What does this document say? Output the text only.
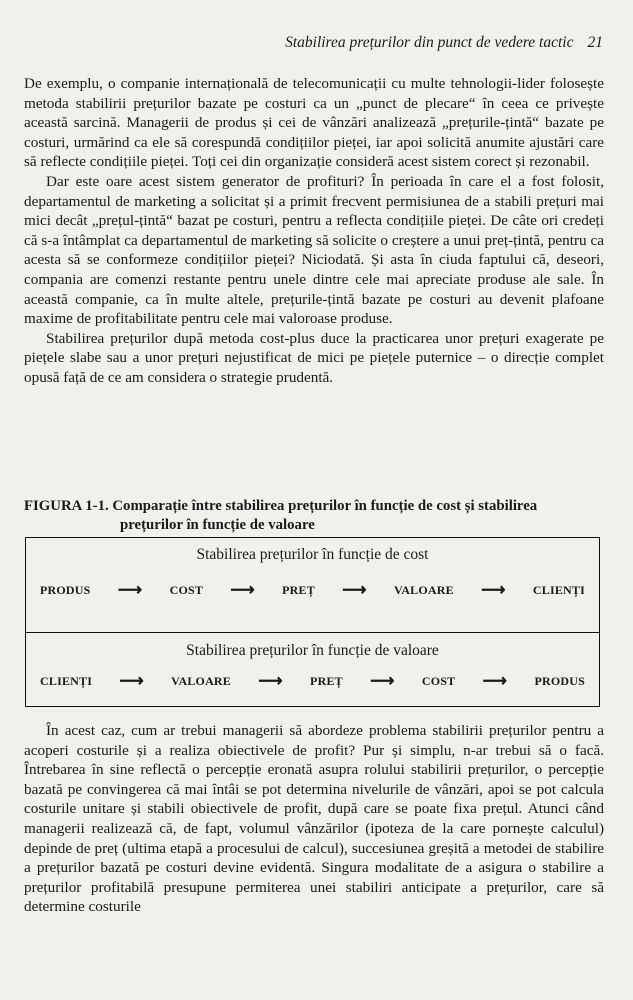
Stabilirea prețurilor din punct de vedere tactic 21

De exemplu, o companie internațională de telecomunicații cu multe tehnologii-lider folosește metoda stabilirii prețurilor bazate pe costuri ca un „punct de plecare“ în ceea ce privește această sarcină. Managerii de produs și cei de vânzări analizează „prețurile-țintă“ bazate pe costuri, urmărind ca ele să corespundă condițiilor pieței, iar apoi solicită anumite ajustări care să reflecte condițiile pieței. Toți cei din organizație consideră acest sistem corect și rezonabil.

Dar este oare acest sistem generator de profituri? În perioada în care el a fost folosit, departamentul de marketing a solicitat și a primit frecvent permisiunea de a stabili prețuri mai mici decât „prețul-țintă“ bazat pe costuri, pentru a reflecta condițiile pieței. De câte ori credeți că s-a întâmplat ca departamentul de marketing să solicite o creștere a unui preț-țintă, pentru ca acesta să se conformeze condițiilor pieței? Niciodată. Și asta în ciuda faptului că, deseori, compania are comenzi restante pentru unele dintre cele mai apreciate produse ale sale. În această companie, ca în multe altele, prețurile-țintă bazate pe costuri au devenit plafoane maxime de profitabilitate pentru cele mai valoroase produse.

Stabilirea prețurilor după metoda cost-plus duce la practicarea unor prețuri exagerate pe piețele slabe sau a unor prețuri nejustificat de mici pe piețele puternice – o direcție complet opusă față de ce am considera o strategie prudentă.

FIGURA 1-1. Comparație între stabilirea prețurilor în funcție de cost și stabilirea
prețurilor în funcție de valoare
Stabilirea prețurilor în funcție de cost
PRODUS ⟶ COST ⟶ PREȚ ⟶ VALOARE ⟶ CLIENȚI
Stabilirea prețurilor în funcție de valoare
CLIENȚI ⟶ VALOARE ⟶ PREȚ ⟶ COST ⟶ PRODUS

În acest caz, cum ar trebui managerii să abordeze problema stabilirii prețurilor pentru a acoperi costurile și a realiza obiectivele de profit? Pur și simplu, n-ar trebui să o facă. Întrebarea în sine reflectă o percepție eronată asupra rolului stabilirii prețurilor, o percepție bazată pe convingerea că mai întâi se pot determina nivelurile de vânzări, apoi se pot calcula costurile unitare și stabili obiectivele de profit, după care se poate fixa prețul. Atunci când managerii realizează că, de fapt, volumul vânzărilor (ipoteza de la care pornește calculul) depinde de preț (ultima etapă a procesului de calcul), succesiunea greșită a metodei de stabilire a prețurilor bazată pe costuri devine evidentă. Singura modalitate de a asigura o stabilire a prețurilor profitabilă presupune permiterea unei stabiliri anticipate a prețurilor, care să determine costurile
